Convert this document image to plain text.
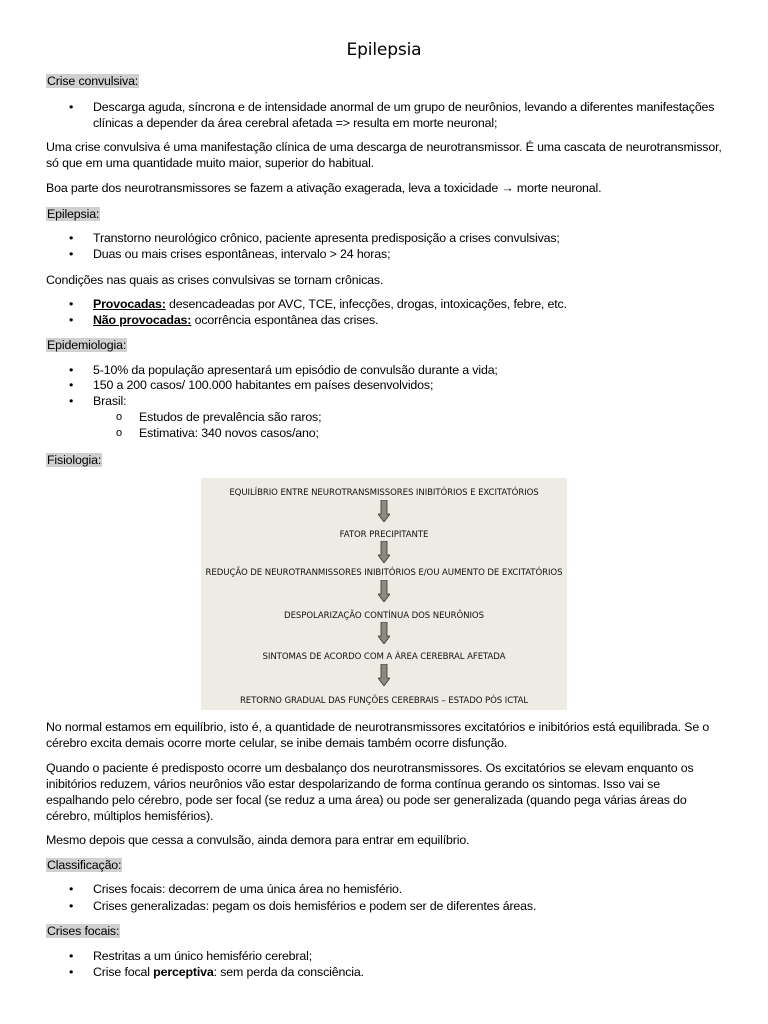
Epilepsia
Crise convulsiva:
• Descarga aguda, síncrona e de intensidade anormal de um grupo de neurônios, levando a diferentes manifestações clínicas a depender da área cerebral afetada => resulta em morte neuronal;
Uma crise convulsiva é uma manifestação clínica de uma descarga de neurotransmissor. É uma cascata de neurotransmissor, só que em uma quantidade muito maior, superior do habitual.
Boa parte dos neurotransmissores se fazem a ativação exagerada, leva a toxicidade → morte neuronal.
Epilepsia:
• Transtorno neurológico crônico, paciente apresenta predisposição a crises convulsivas;
• Duas ou mais crises espontâneas, intervalo > 24 horas;
Condições nas quais as crises convulsivas se tornam crônicas.
• Provocadas: desencadeadas por AVC, TCE, infecções, drogas, intoxicações, febre, etc.
• Não provocadas: ocorrência espontânea das crises.
Epidemiologia:
• 5-10% da população apresentará um episódio de convulsão durante a vida;
• 150 a 200 casos/ 100.000 habitantes em países desenvolvidos;
• Brasil:
o Estudos de prevalência são raros;
o Estimativa: 340 novos casos/ano;
Fisiologia:
EQUILÍBRIO ENTRE NEUROTRANSMISSORES INIBITÓRIOS E EXCITATÓRIOS
FATOR PRECIPITANTE
REDUÇÃO DE NEUROTRANMISSORES INIBITÓRIOS E/OU AUMENTO DE EXCITATÓRIOS
DESPOLARIZAÇÃO CONTÍNUA DOS NEURÔNIOS
SINTOMAS DE ACORDO COM A ÁREA CEREBRAL AFETADA
RETORNO GRADUAL DAS FUNÇÕES CEREBRAIS – ESTADO PÓS ICTAL
No normal estamos em equilíbrio, isto é, a quantidade de neurotransmissores excitatórios e inibitórios está equilibrada. Se o cérebro excita demais ocorre morte celular, se inibe demais também ocorre disfunção.
Quando o paciente é predisposto ocorre um desbalanço dos neurotransmissores. Os excitatórios se elevam enquanto os inibitórios reduzem, vários neurônios vão estar despolarizando de forma contínua gerando os sintomas. Isso vai se espalhando pelo cérebro, pode ser focal (se reduz a uma área) ou pode ser generalizada (quando pega várias áreas do cérebro, múltiplos hemisférios).
Mesmo depois que cessa a convulsão, ainda demora para entrar em equilíbrio.
Classificação:
• Crises focais: decorrem de uma única área no hemisfério.
• Crises generalizadas: pegam os dois hemisférios e podem ser de diferentes áreas.
Crises focais:
• Restritas a um único hemisfério cerebral;
• Crise focal perceptiva: sem perda da consciência.
